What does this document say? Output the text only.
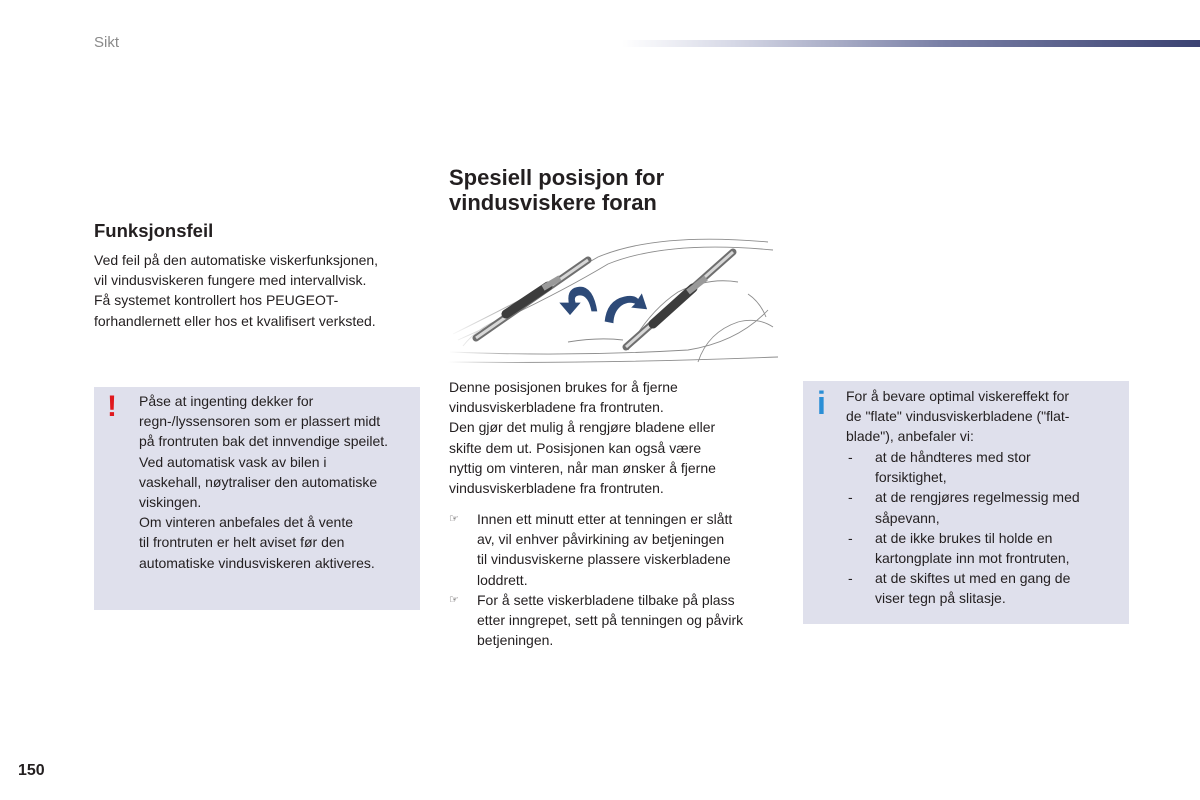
Sikt
Funksjonsfeil
Ved feil på den automatiske viskerfunksjonen,
vil vindusviskeren fungere med intervallvisk.
Få systemet kontrollert hos PEUGEOT-
forhandlernett eller hos et kvalifisert verksted.
! Påse at ingenting dekker for
regn-/lyssensoren som er plassert midt
på frontruten bak det innvendige speilet.
Ved automatisk vask av bilen i
vaskehall, nøytraliser den automatiske
viskingen.
Om vinteren anbefales det å vente
til frontruten er helt aviset før den
automatiske vindusviskeren aktiveres.
Spesiell posisjon for
vindusviskere foran

Denne posisjonen brukes for å fjerne

vindusviskerbladene fra frontruten.

Den gjør det mulig å rengjøre bladene eller

skifte dem ut. Posisjonen kan også være

nyttig om vinteren, når man ønsker å fjerne

vindusviskerbladene fra frontruten.

☞ Innen ett minutt etter at tenningen er slått
av, vil enhver påvirkining av betjeningen
til vindusviskerne plassere viskerbladene
loddrett.
☞ For å sette viskerbladene tilbake på plass
etter inngrepet, sett på tenningen og påvirk
betjeningen.
i For å bevare optimal viskereffekt for
de "flate" vindusviskerbladene ("flat-
blade"), anbefaler vi:
- at de håndteres med stor
forsiktighet,
- at de rengjøres regelmessig med
såpevann,
- at de ikke brukes til holde en
kartongplate inn mot frontruten,
- at de skiftes ut med en gang de
viser tegn på slitasje.
150
